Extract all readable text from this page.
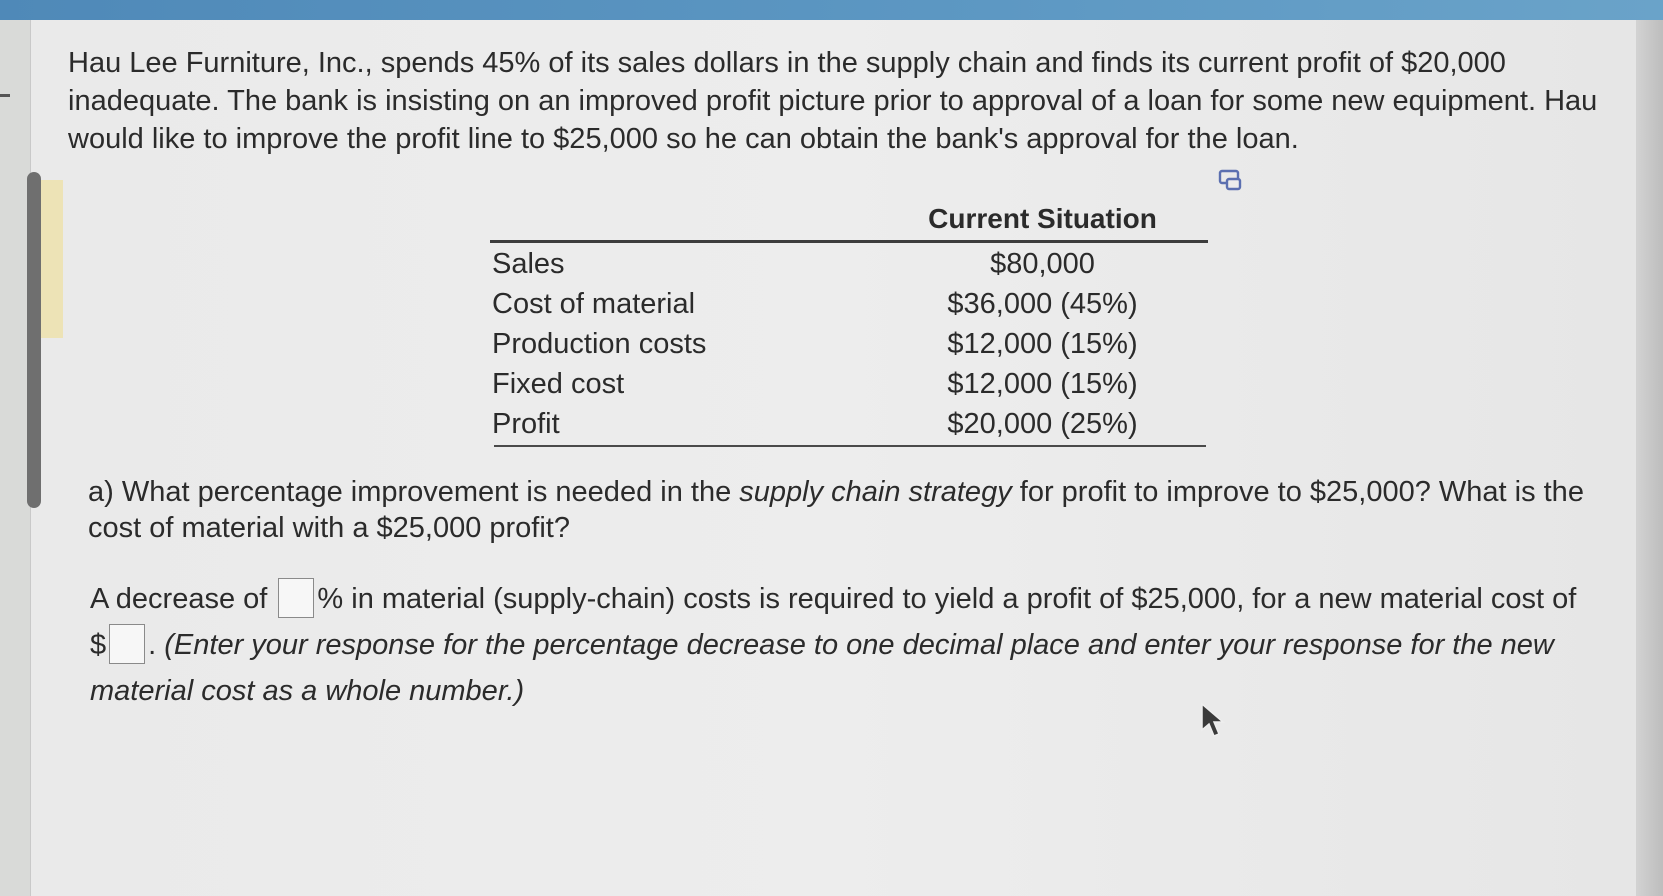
Hau Lee Furniture, Inc., spends 45% of its sales dollars in the supply chain and finds its current profit of $20,000 inadequate. The bank is insisting on an improved profit picture prior to approval of a loan for some new equipment. Hau would like to improve the profit line to $25,000 so he can obtain the bank's approval for the loan.

Current Situation
Sales	$80,000
Cost of material	$36,000 (45%)
Production costs	$12,000 (15%)
Fixed cost	$12,000 (15%)
Profit	$20,000 (25%)

a) What percentage improvement is needed in the supply chain strategy for profit to improve to $25,000? What is the cost of material with a $25,000 profit?

A decrease of % in material (supply-chain) costs is required to yield a profit of $25,000, for a new material cost of $ . (Enter your response for the percentage decrease to one decimal place and enter your response for the new material cost as a whole number.)
